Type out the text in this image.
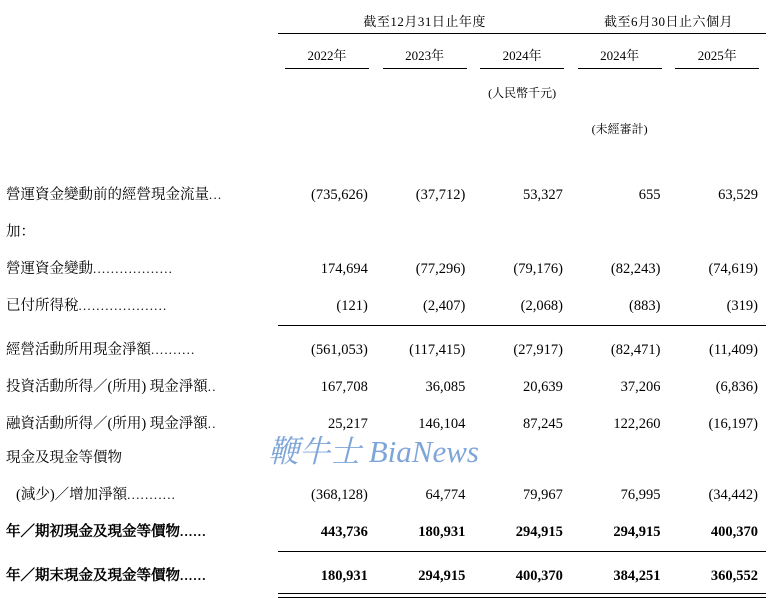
	截至12月31日止年度			截至6月30日止六個月	

	2022年	2023年	2024年	2024年	2025年

			(人民幣千元)		
				(未經審計)	

營運資金變動前的經營現金流量...	(735,626)	(37,712)	53,327	655	63,529
加：					
營運資金變動..................	174,694	(77,296)	(79,176)	(82,243)	(74,619)
已付所得稅....................	(121)	(2,407)	(2,068)	(883)	(319)

經營活動所用現金淨額..........	(561,053)	(117,415)	(27,917)	(82,471)	(11,409)
投資活動所得／(所用) 現金淨額..	167,708	36,085	20,639	37,206	(6,836)
融資活動所得／(所用) 現金淨額..	25,217	146,104	87,245	122,260	(16,197)
現金及現金等價物					
(減少)／增加淨額...........	(368,128)	64,774	79,967	76,995	(34,442)
年／期初現金及現金等價物......	443,736	180,931	294,915	294,915	400,370

年／期末現金及現金等價物......	180,931	294,915	400,370	384,251	360,552

鞭牛士 BiaNews
